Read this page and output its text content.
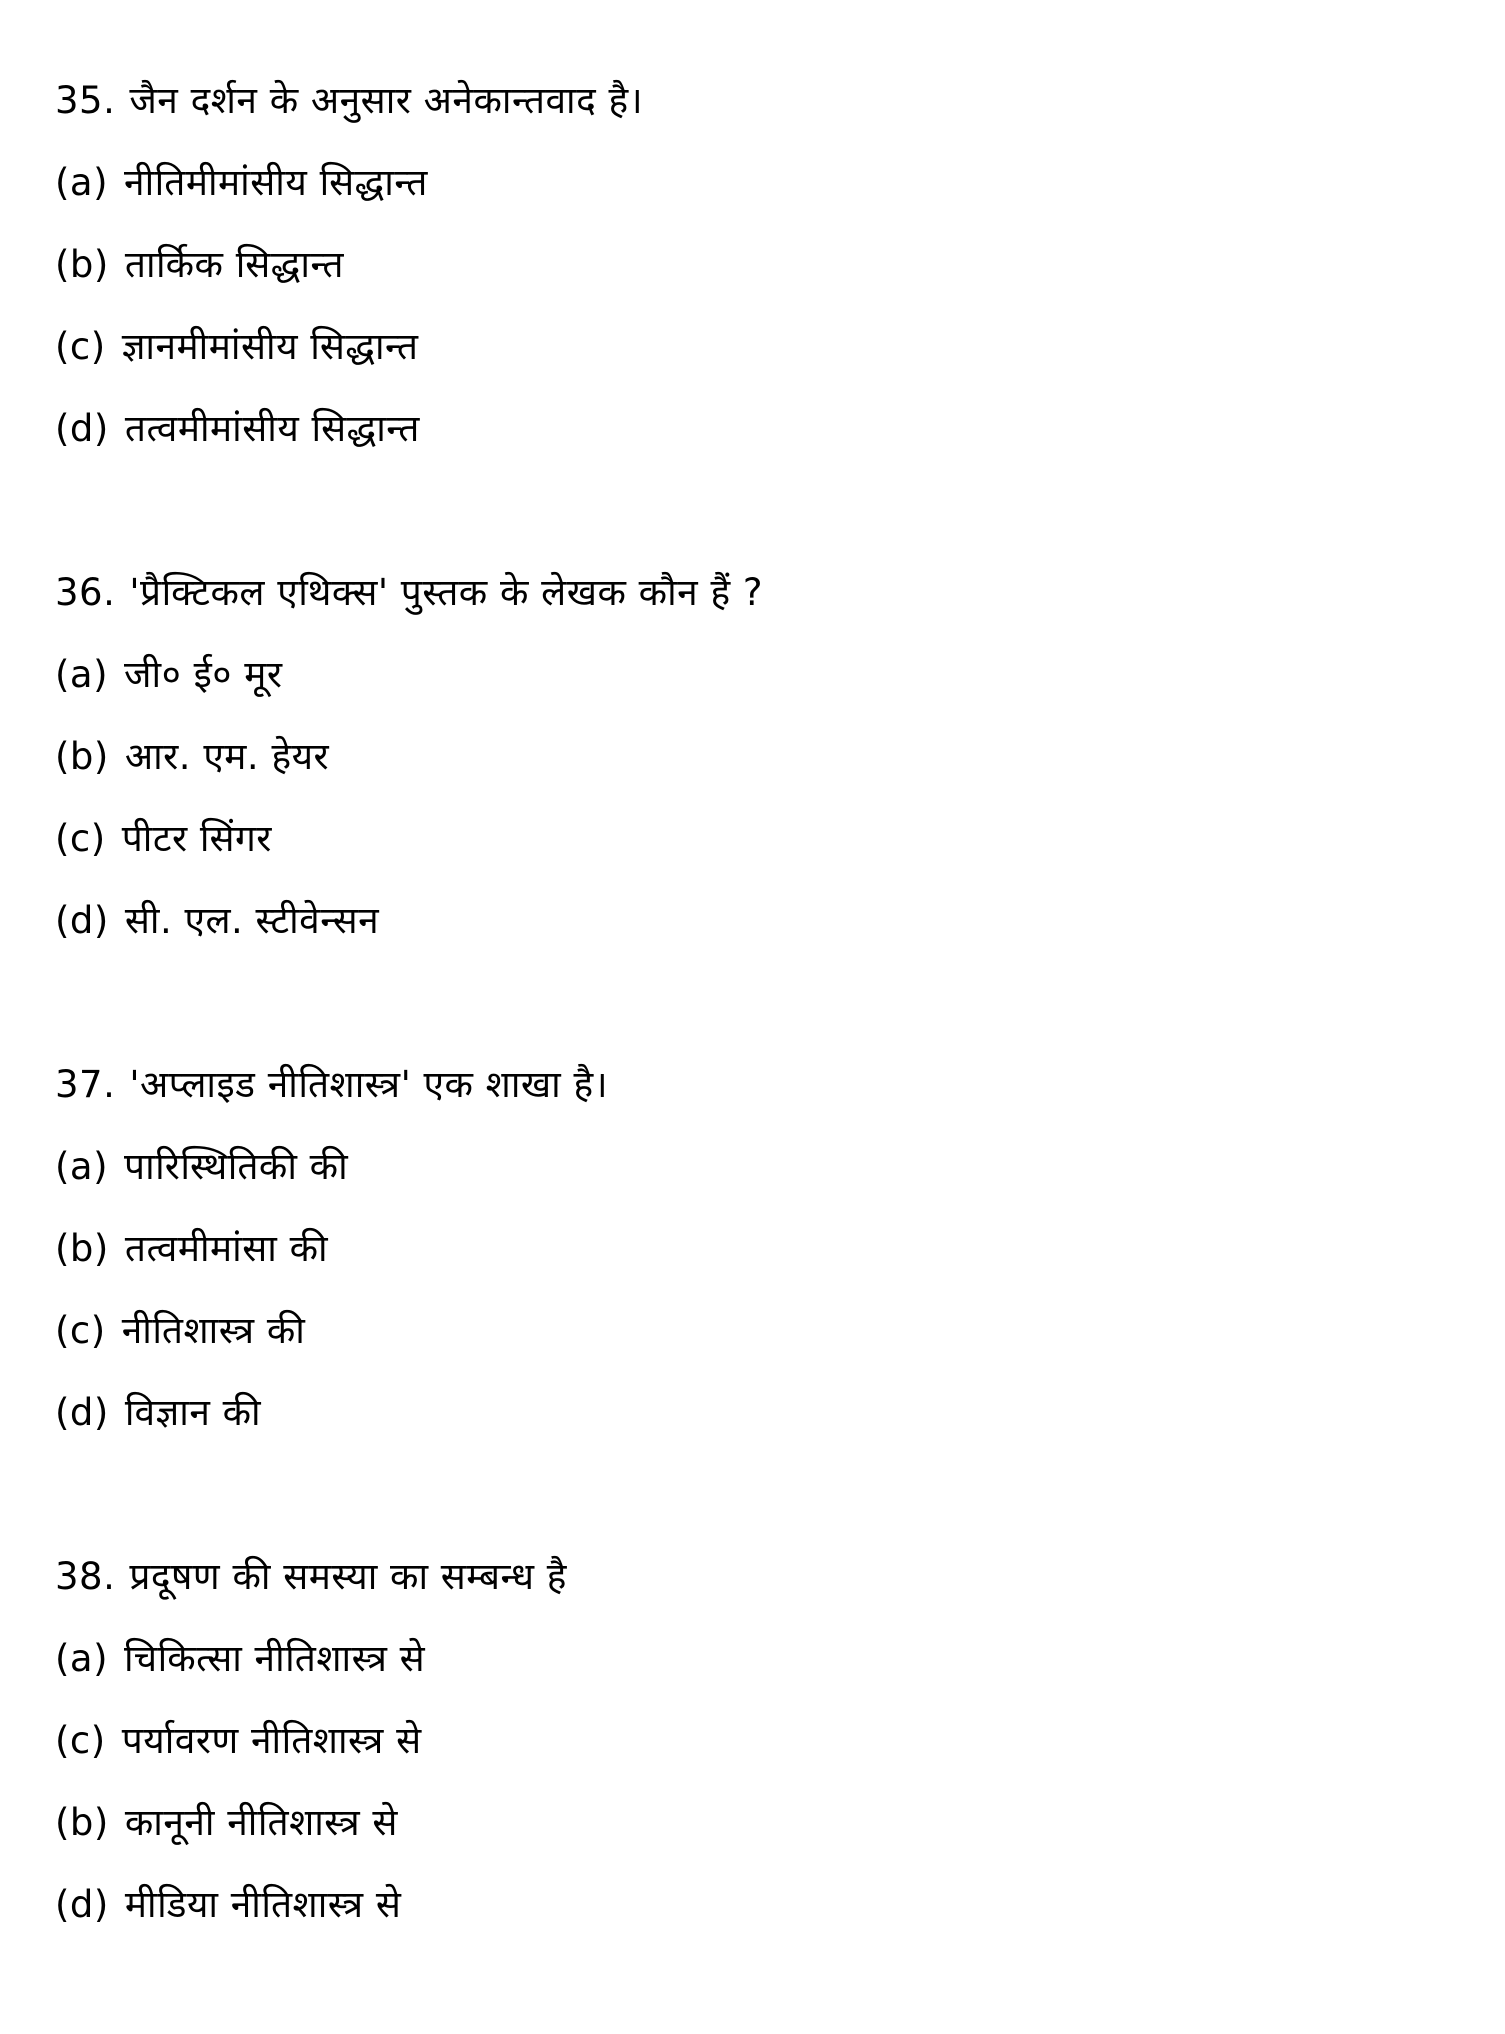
35. जैन दर्शन के अनुसार अनेकान्तवाद है।
(a) नीतिमीमांसीय सिद्धान्त
(b) तार्किक सिद्धान्त
(c) ज्ञानमीमांसीय सिद्धान्त
(d) तत्वमीमांसीय सिद्धान्त
36. 'प्रैक्टिकल एथिक्स' पुस्तक के लेखक कौन हैं ?
(a) जी० ई० मूर
(b) आर. एम. हेयर
(c) पीटर सिंगर
(d) सी. एल. स्टीवेन्सन
37. 'अप्लाइड नीतिशास्त्र' एक शाखा है।
(a) पारिस्थितिकी की
(b) तत्वमीमांसा की
(c) नीतिशास्त्र की
(d) विज्ञान की
38. प्रदूषण की समस्या का सम्बन्ध है
(a) चिकित्सा नीतिशास्त्र से
(c) पर्यावरण नीतिशास्त्र से
(b) कानूनी नीतिशास्त्र से
(d) मीडिया नीतिशास्त्र से
